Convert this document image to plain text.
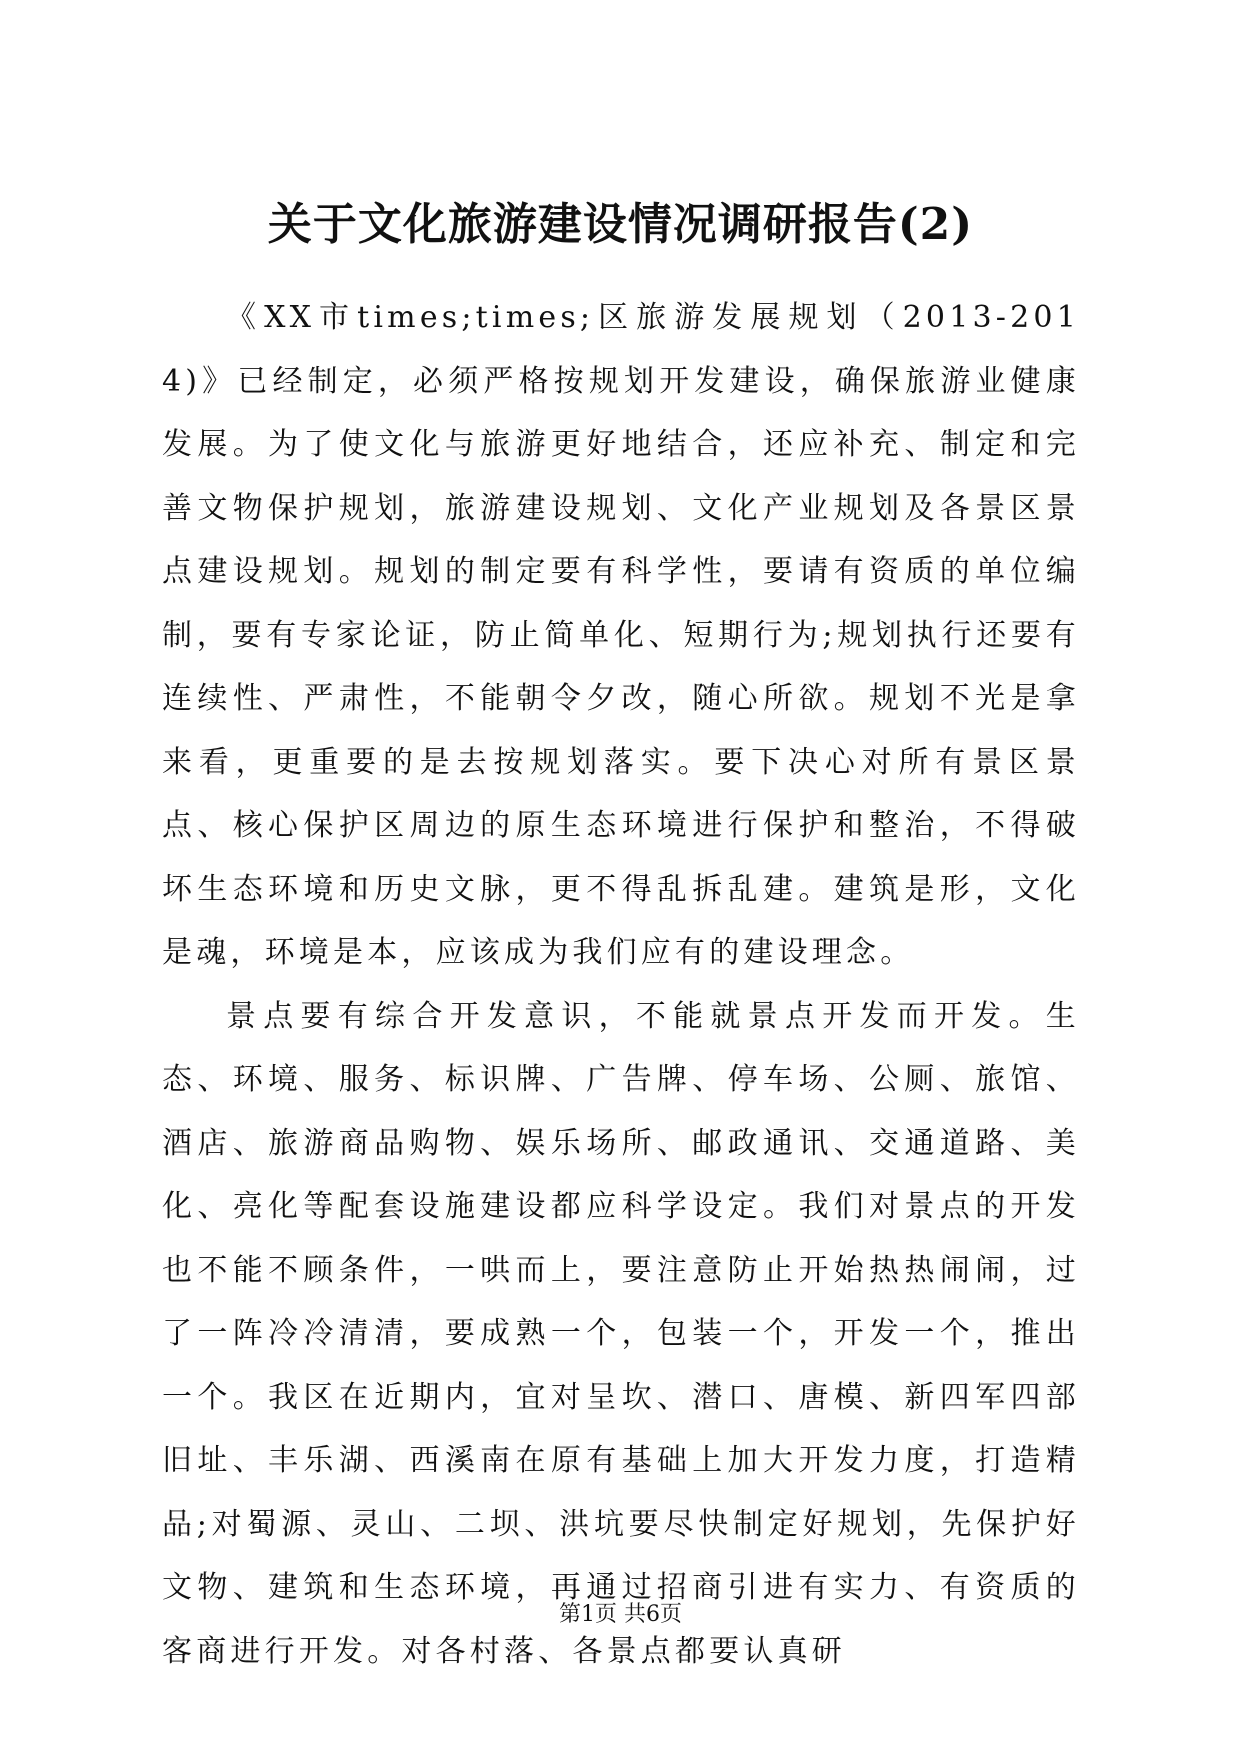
关于文化旅游建设情况调研报告(2)

《XX市times;times;区旅游发展规划（2013-2014)》已经制定，必须严格按规划开发建设，确保旅游业健康发展。为了使文化与旅游更好地结合，还应补充、制定和完善文物保护规划，旅游建设规划、文化产业规划及各景区景点建设规划。规划的制定要有科学性，要请有资质的单位编制，要有专家论证，防止简单化、短期行为;规划执行还要有连续性、严肃性，不能朝令夕改，随心所欲。规划不光是拿来看，更重要的是去按规划落实。要下决心对所有景区景点、核心保护区周边的原生态环境进行保护和整治，不得破坏生态环境和历史文脉，更不得乱拆乱建。建筑是形，文化是魂，环境是本，应该成为我们应有的建设理念。

景点要有综合开发意识，不能就景点开发而开发。生态、环境、服务、标识牌、广告牌、停车场、公厕、旅馆、酒店、旅游商品购物、娱乐场所、邮政通讯、交通道路、美化、亮化等配套设施建设都应科学设定。我们对景点的开发也不能不顾条件，一哄而上，要注意防止开始热热闹闹，过了一阵冷冷清清，要成熟一个，包装一个，开发一个，推出一个。我区在近期内，宜对呈坎、潜口、唐模、新四军四部旧址、丰乐湖、西溪南在原有基础上加大开发力度，打造精品;对蜀源、灵山、二坝、洪坑要尽快制定好规划，先保护好文物、建筑和生态环境，再通过招商引进有实力、有资质的客商进行开发。对各村落、各景点都要认真研

第1页 共6页
